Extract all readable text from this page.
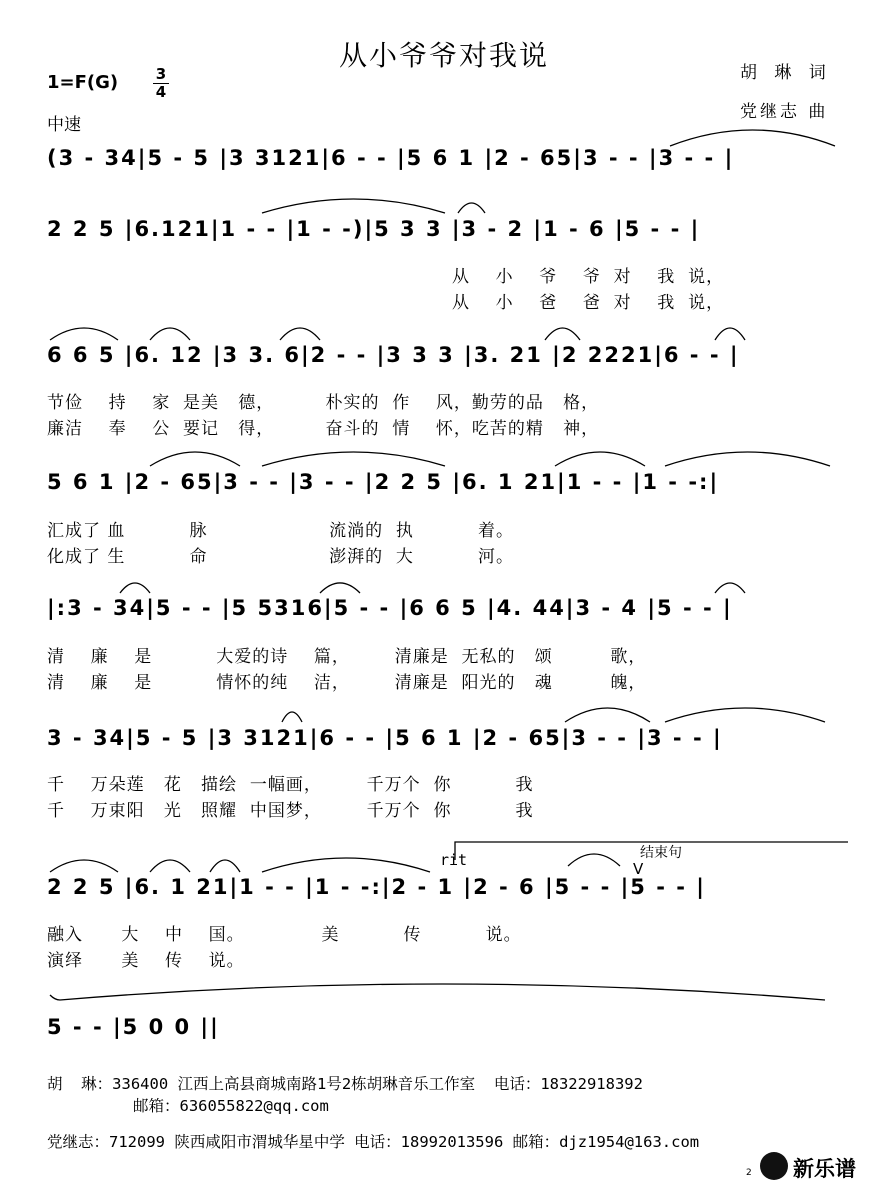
从小爷爷对我说
胡 琳 词
党继志 曲
$1=F(G) \frac{3}{4}$
中速
(3 - 34|5 - 5 |3 3121|6 - - |5 6 1 |2 - 65|3 - - |3 - - |
2 2 5 |6.121|1 - - |1 - -)|5 3 3 |3 - 2 |1 - 6 |5 - - |
从    小    爷    爷  对    我  说，
从    小    爸    爸  对    我  说，
6 6 5 |6. 12 |3 3. 6|2 - - |3 3 3 |3. 21 |2 2221|6 - - |
节俭    持    家  是美   德，        朴实的  作    风，勤劳的品   格，
廉洁    奉    公  要记   得，        奋斗的  情    怀，吃苦的精   神，
5 6 1 |2 - 65|3 - - |3 - - |2 2 5 |6. 1 21|1 - - |1 - -:|
汇成了 血          脉                   流淌的  执          着。
化成了 生          命                   澎湃的  大          河。
|:3 - 34|5 - - |5 5316|5 - - |6 6 5 |4. 44|3 - 4 |5 - - |
清    廉    是          大爱的诗    篇，       清廉是  无私的   颂         歌，
清    廉    是          情怀的纯    洁，       清廉是  阳光的   魂         魄，
3 - 34|5 - 5 |3 3121|6 - - |5 6 1 |2 - 65|3 - - |3 - - |
千    万朵莲   花   描绘  一幅画，       千万个  你          我
千    万束阳   光   照耀  中国梦，       千万个  你          我
2 2 5 |6. 1 21|1 - - |1 - -:|2 - 1 |2 - 6 |5 - - |5 - - |
融入      大    中    国。            美          传          说。
演绎      美    传    说。
5 - - |5 0 0 ||
rit	结束句
V
胡  琳：336400 江西上高县商城南路1号2栋胡琳音乐工作室  电话：18322918392
邮箱：636055822@qq.com
党继志：712099 陕西咸阳市渭城华星中学 电话：18992013596 邮箱：djz1954@163.com
2 新乐谱
